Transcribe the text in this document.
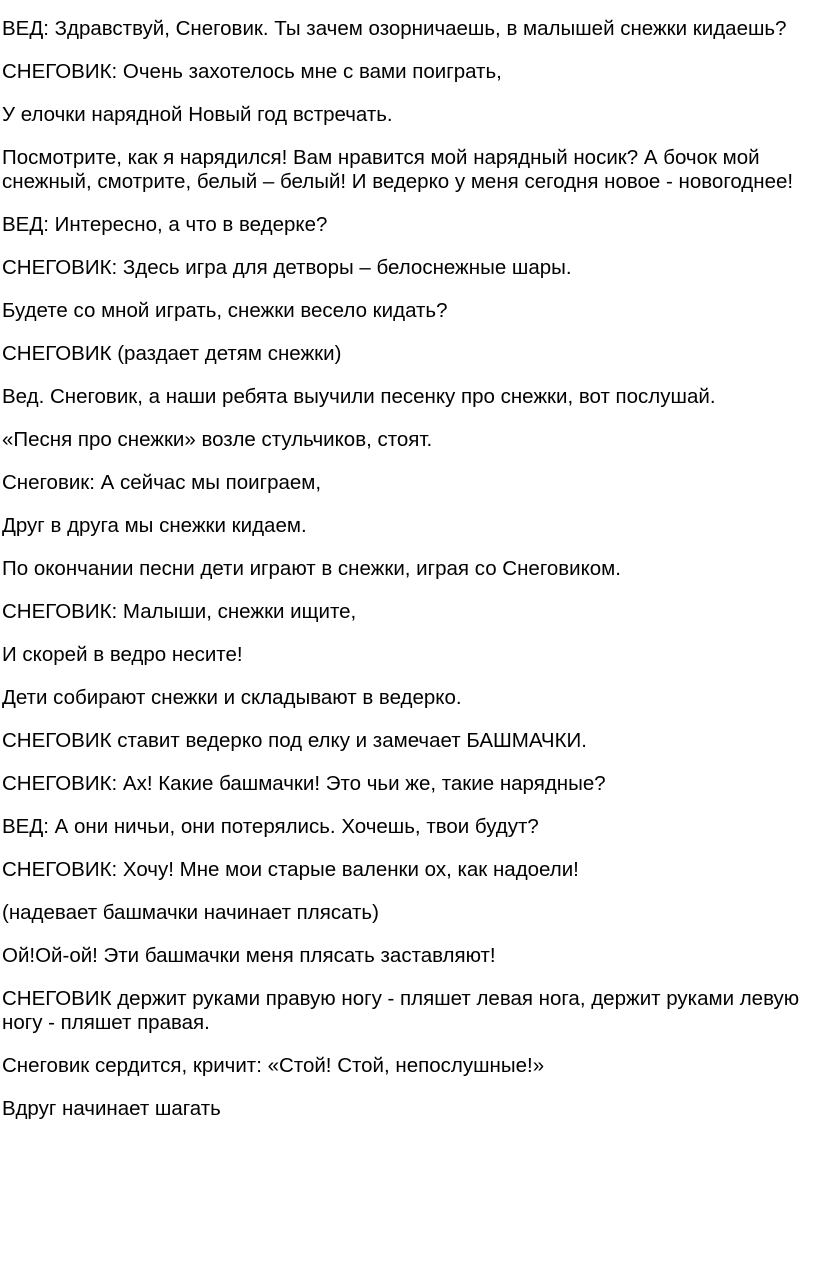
ВЕД: Здравствуй, Снеговик. Ты зачем озорничаешь, в малышей снежки кидаешь?

СНЕГОВИК: Очень захотелось мне с вами поиграть,

У елочки нарядной Новый год встречать.

Посмотрите, как я нарядился! Вам нравится мой нарядный носик? А бочок мой снежный, смотрите, белый – белый! И ведерко у меня сегодня новое - новогоднее!

ВЕД: Интересно, а что в ведерке?

СНЕГОВИК: Здесь игра для детворы – белоснежные шары.

Будете со мной играть, снежки весело кидать?

СНЕГОВИК (раздает детям снежки)

Вед. Снеговик, а наши ребята выучили песенку про снежки, вот послушай.

«Песня про снежки» возле стульчиков, стоят.

Снеговик: А сейчас мы поиграем,

Друг в друга мы снежки кидаем.

По окончании песни дети играют в снежки, играя со Снеговиком.

СНЕГОВИК: Малыши, снежки ищите,

И скорей в ведро несите!

Дети собирают снежки и складывают в ведерко.

СНЕГОВИК ставит ведерко под елку и замечает БАШМАЧКИ.

СНЕГОВИК: Ах! Какие башмачки! Это чьи же, такие нарядные?

ВЕД: А они ничьи, они потерялись. Хочешь, твои будут?

СНЕГОВИК: Хочу! Мне мои старые валенки ох, как надоели!

(надевает башмачки начинает плясать)

Ой!Ой-ой! Эти башмачки меня плясать заставляют!

СНЕГОВИК держит руками правую ногу - пляшет левая нога, держит руками левую ногу - пляшет правая.

Снеговик сердится, кричит: «Стой! Стой, непослушные!»

Вдруг начинает шагать
